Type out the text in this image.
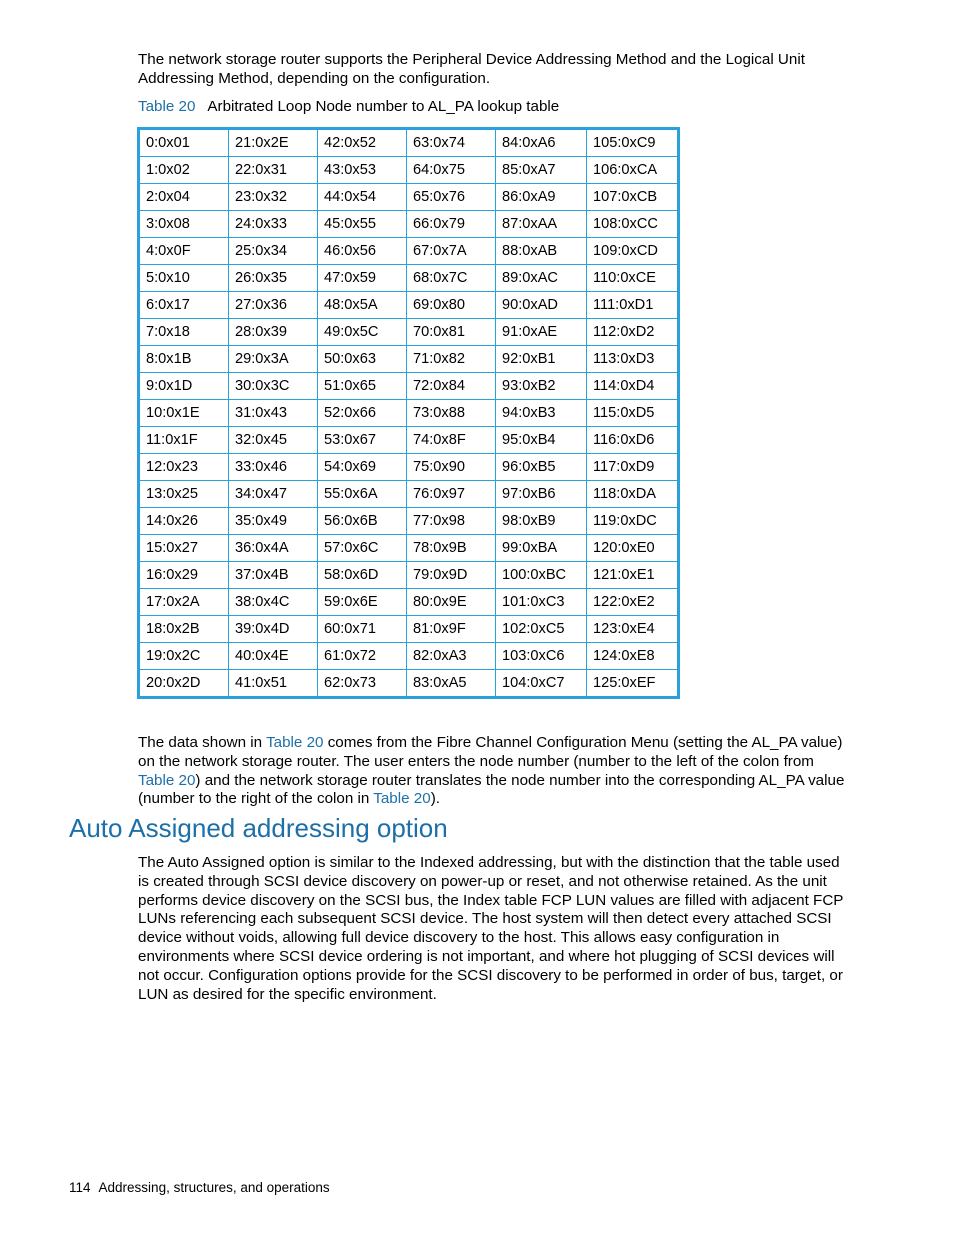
The network storage router supports the Peripheral Device Addressing Method and the Logical Unit Addressing Method, depending on the configuration.

Table 20 Arbitrated Loop Node number to AL_PA lookup table

0:0x01	21:0x2E	42:0x52	63:0x74	84:0xA6	105:0xC9
1:0x02	22:0x31	43:0x53	64:0x75	85:0xA7	106:0xCA
2:0x04	23:0x32	44:0x54	65:0x76	86:0xA9	107:0xCB
3:0x08	24:0x33	45:0x55	66:0x79	87:0xAA	108:0xCC
4:0x0F	25:0x34	46:0x56	67:0x7A	88:0xAB	109:0xCD
5:0x10	26:0x35	47:0x59	68:0x7C	89:0xAC	110:0xCE
6:0x17	27:0x36	48:0x5A	69:0x80	90:0xAD	111:0xD1
7:0x18	28:0x39	49:0x5C	70:0x81	91:0xAE	112:0xD2
8:0x1B	29:0x3A	50:0x63	71:0x82	92:0xB1	113:0xD3
9:0x1D	30:0x3C	51:0x65	72:0x84	93:0xB2	114:0xD4
10:0x1E	31:0x43	52:0x66	73:0x88	94:0xB3	115:0xD5
11:0x1F	32:0x45	53:0x67	74:0x8F	95:0xB4	116:0xD6
12:0x23	33:0x46	54:0x69	75:0x90	96:0xB5	117:0xD9
13:0x25	34:0x47	55:0x6A	76:0x97	97:0xB6	118:0xDA
14:0x26	35:0x49	56:0x6B	77:0x98	98:0xB9	119:0xDC
15:0x27	36:0x4A	57:0x6C	78:0x9B	99:0xBA	120:0xE0
16:0x29	37:0x4B	58:0x6D	79:0x9D	100:0xBC	121:0xE1
17:0x2A	38:0x4C	59:0x6E	80:0x9E	101:0xC3	122:0xE2
18:0x2B	39:0x4D	60:0x71	81:0x9F	102:0xC5	123:0xE4
19:0x2C	40:0x4E	61:0x72	82:0xA3	103:0xC6	124:0xE8
20:0x2D	41:0x51	62:0x73	83:0xA5	104:0xC7	125:0xEF

The data shown in Table 20 comes from the Fibre Channel Configuration Menu (setting the AL_PA value) on the network storage router. The user enters the node number (number to the left of the colon from Table 20) and the network storage router translates the node number into the corresponding AL_PA value (number to the right of the colon in Table 20).

Auto Assigned addressing option

The Auto Assigned option is similar to the Indexed addressing, but with the distinction that the table used is created through SCSI device discovery on power-up or reset, and not otherwise retained. As the unit performs device discovery on the SCSI bus, the Index table FCP LUN values are filled with adjacent FCP LUNs referencing each subsequent SCSI device. The host system will then detect every attached SCSI device without voids, allowing full device discovery to the host. This allows easy configuration in environments where SCSI device ordering is not important, and where hot plugging of SCSI devices will not occur. Configuration options provide for the SCSI discovery to be performed in order of bus, target, or LUN as desired for the specific environment.

114 Addressing, structures, and operations
